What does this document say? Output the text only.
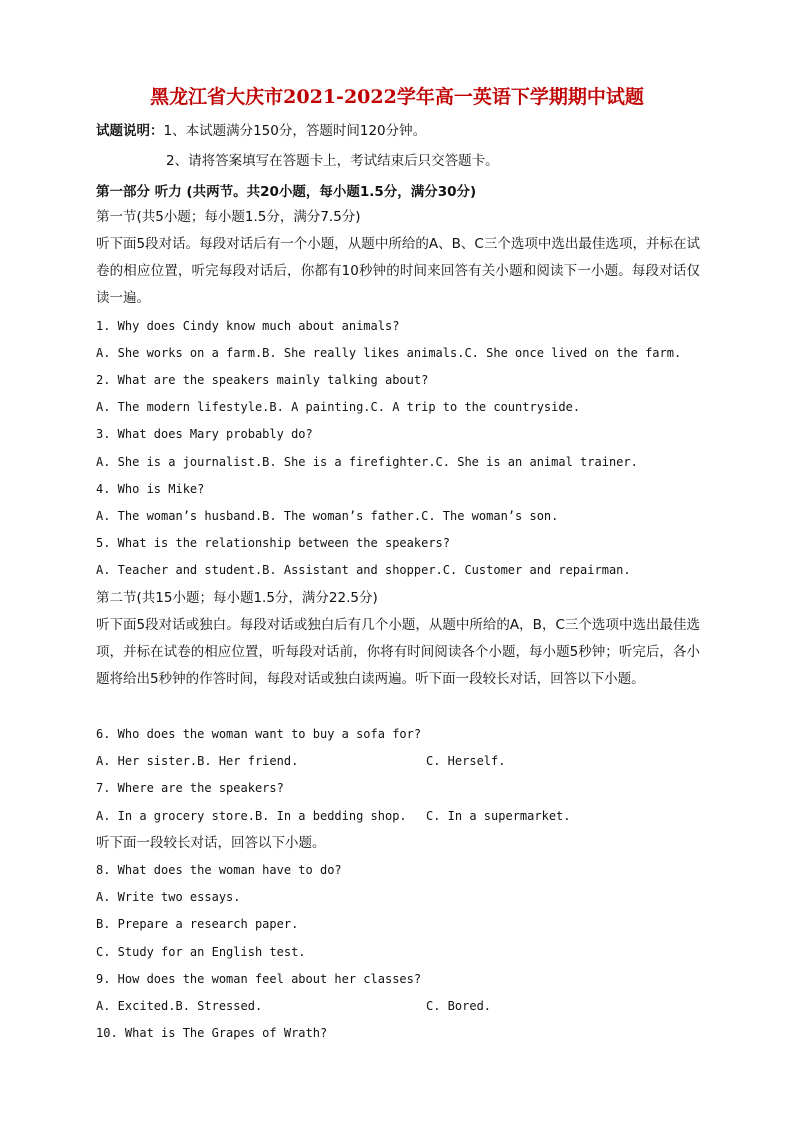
黑龙江省大庆市2021-2022学年高一英语下学期期中试题
试题说明：1、本试题满分150分，答题时间120分钟。
2、请将答案填写在答题卡上，考试结束后只交答题卡。
第一部分 听力 (共两节。共20小题，每小题1.5分，满分30分)
第一节(共5小题；每小题1.5分，满分7.5分)
听下面5段对话。每段对话后有一个小题，从题中所给的A、B、C三个选项中选出最佳选项，并标在试卷的相应位置，听完每段对话后，你都有10秒钟的时间来回答有关小题和阅读下一小题。每段对话仅读一遍。
1. Why does Cindy know much about animals?
A. She works on a farm.B. She really likes animals.C. She once lived on the farm.
2. What are the speakers mainly talking about?
A. The modern lifestyle.B. A painting.C. A trip to the countryside.
3. What does Mary probably do?
A. She is a journalist.B. She is a firefighter.C. She is an animal trainer.
4. Who is Mike?
A. The woman’s husband.B. The woman’s father.C. The woman’s son.
5. What is the relationship between the speakers?
A. Teacher and student.B. Assistant and shopper.C. Customer and repairman.
第二节(共15小题；每小题1.5分，满分22.5分)
听下面5段对话或独白。每段对话或独白后有几个小题，从题中所给的A，B，C三个选项中选出最佳选项，并标在试卷的相应位置，听每段对话前，你将有时间阅读各个小题，每小题5秒钟；听完后，各小题将给出5秒钟的作答时间，每段对话或独白读两遍。听下面一段较长对话，回答以下小题。
6. Who does the woman want to buy a sofa for?
A. Her sister.B. Her friend.	C. Herself.
7. Where are the speakers?
A. In a grocery store.B. In a bedding shop. C. In a supermarket.
听下面一段较长对话，回答以下小题。
8. What does the woman have to do?
A. Write two essays.
B. Prepare a research paper.
C. Study for an English test.
9. How does the woman feel about her classes?
A. Excited.B. Stressed.	C. Bored.
10. What is The Grapes of Wrath?
